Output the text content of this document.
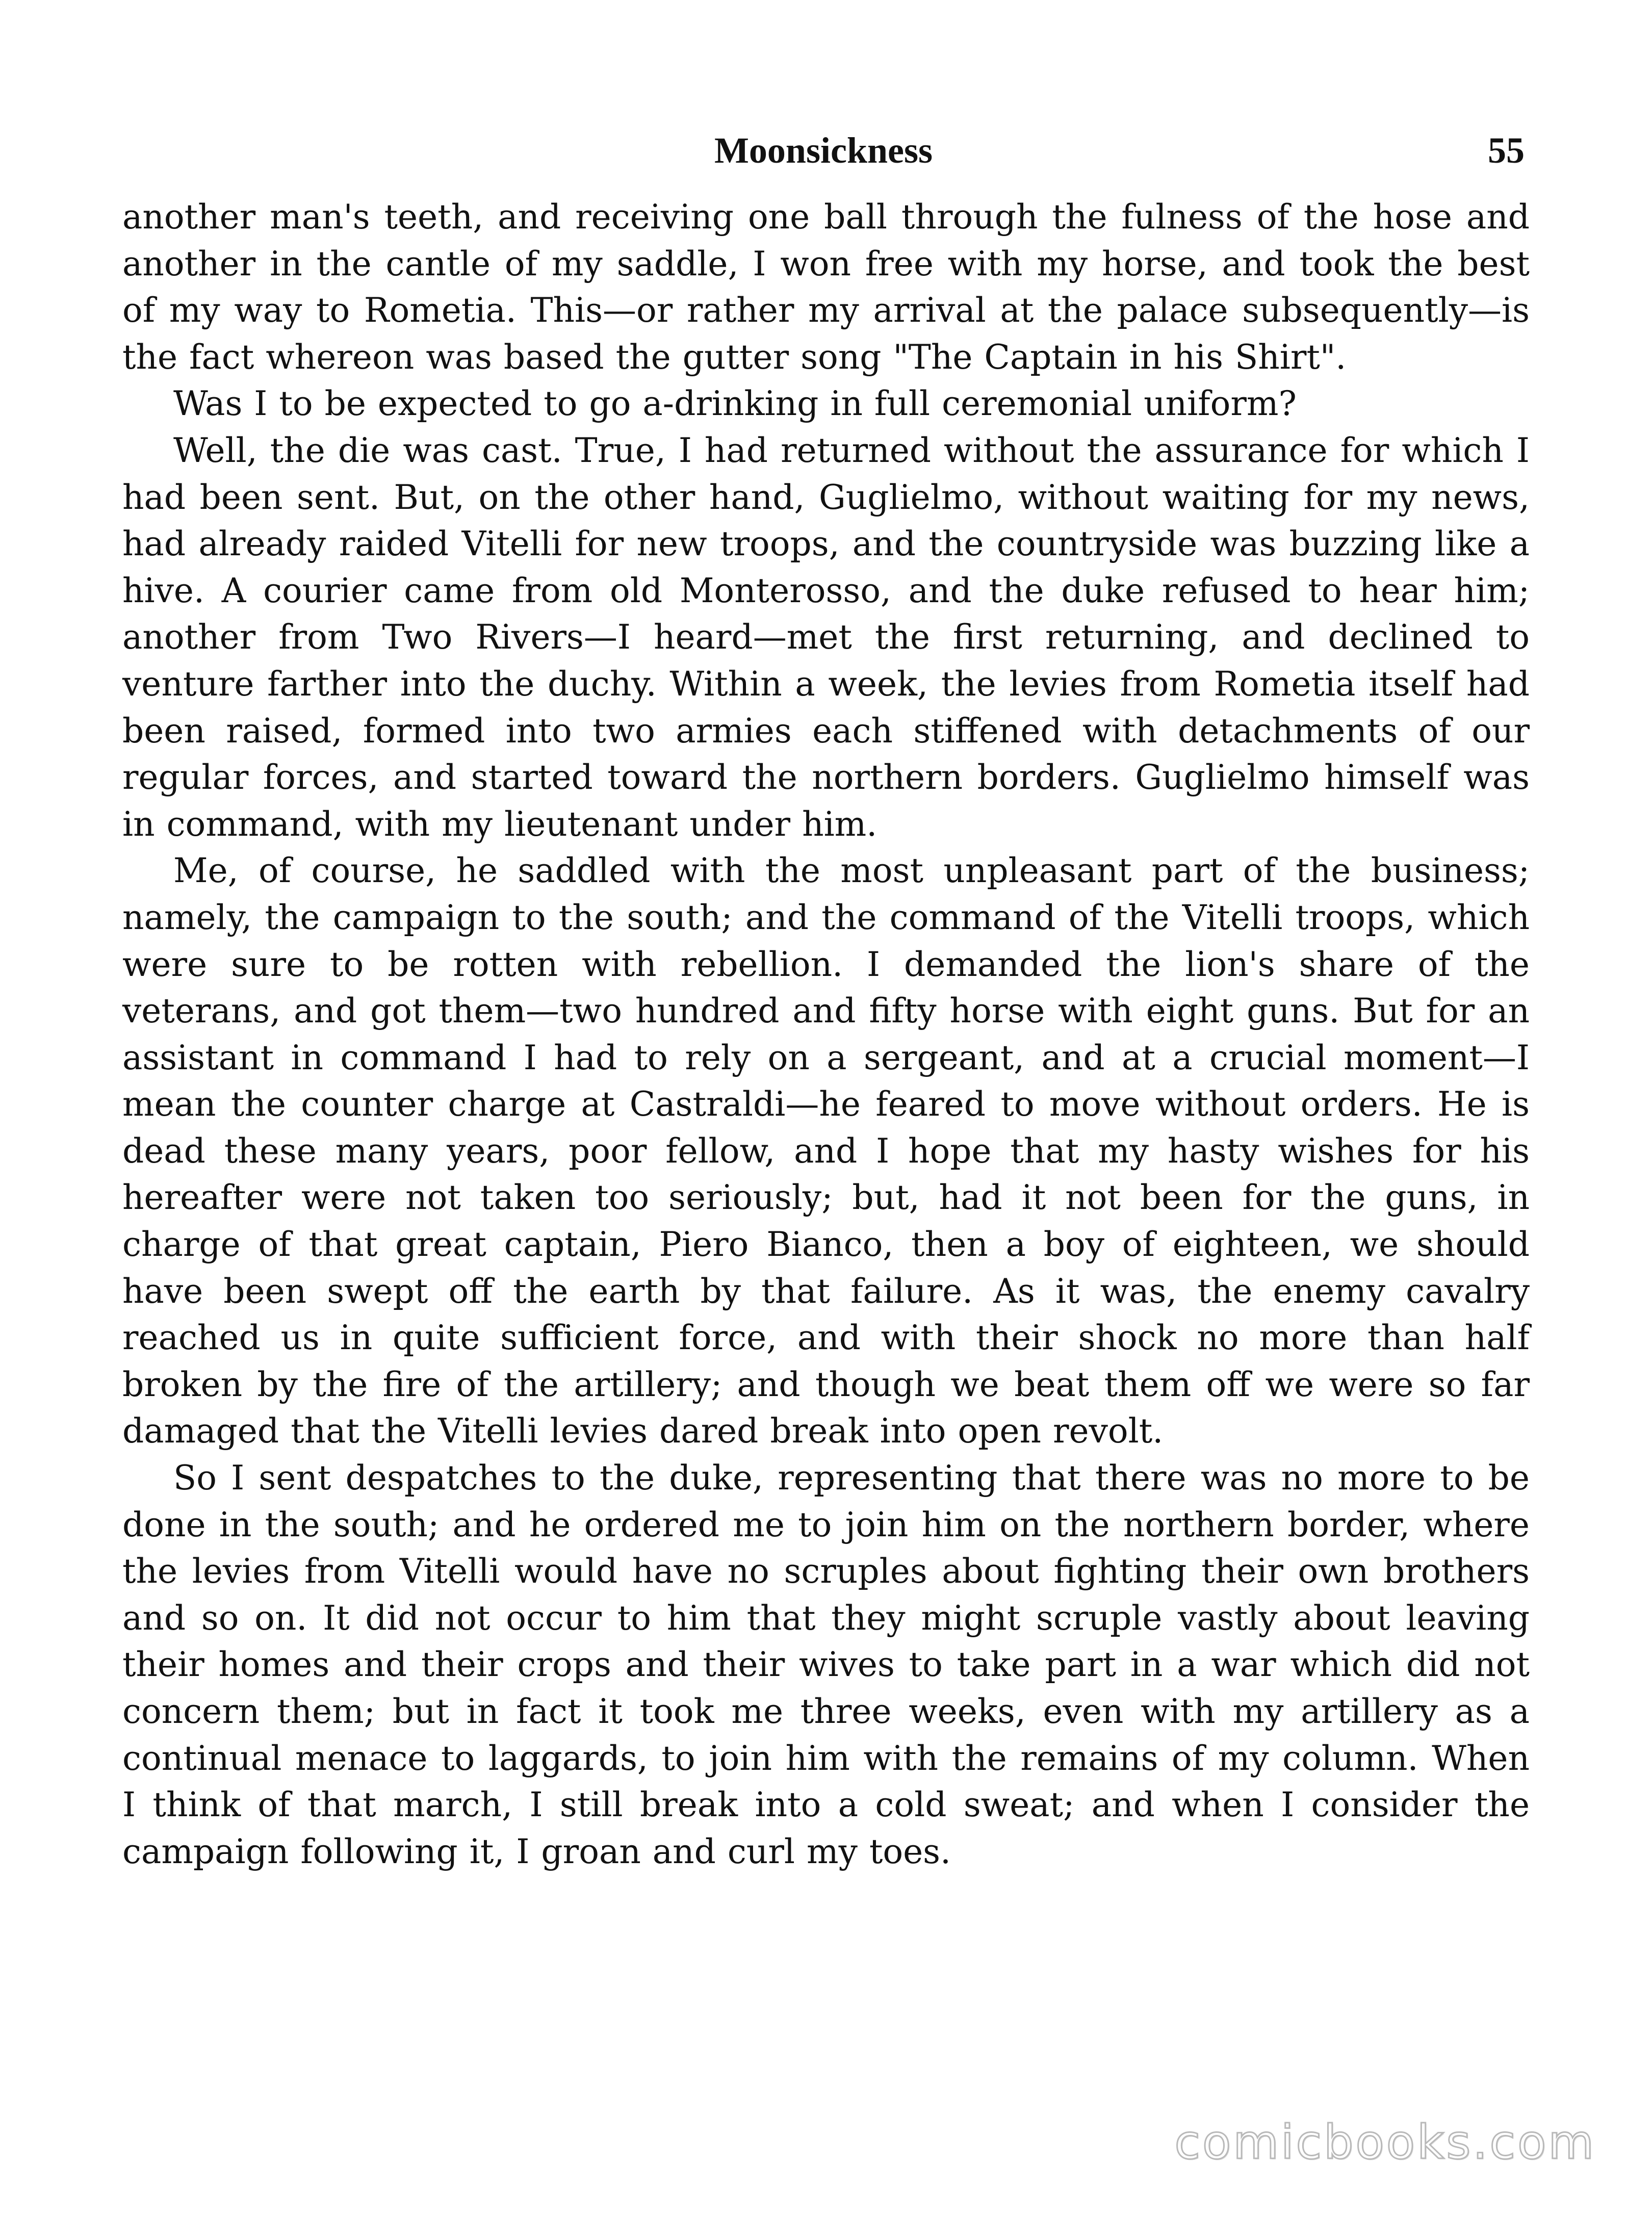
Moonsickness	55

another man's teeth, and receiving one ball through the fulness of the hose and another in the cantle of my saddle, I won free with my horse, and took the best of my way to Rometia. This—or rather my arrival at the palace subsequently—is the fact whereon was based the gutter song "The Captain in his Shirt".

Was I to be expected to go a-drinking in full ceremonial uniform?

Well, the die was cast. True, I had returned without the assurance for which I had been sent. But, on the other hand, Guglielmo, without waiting for my news, had already raided Vitelli for new troops, and the countryside was buzzing like a hive. A courier came from old Monterosso, and the duke refused to hear him; another from Two Rivers—I heard—met the first returning, and declined to venture farther into the duchy. Within a week, the levies from Rometia itself had been raised, formed into two armies each stiffened with detachments of our regular forces, and started toward the northern borders. Guglielmo himself was in command, with my lieutenant under him.

Me, of course, he saddled with the most unpleasant part of the business; namely, the campaign to the south; and the command of the Vitelli troops, which were sure to be rotten with rebellion. I demanded the lion's share of the veterans, and got them—two hundred and fifty horse with eight guns. But for an assistant in command I had to rely on a sergeant, and at a crucial moment—I mean the counter charge at Castraldi—he feared to move without orders. He is dead these many years, poor fellow, and I hope that my hasty wishes for his hereafter were not taken too seriously; but, had it not been for the guns, in charge of that great captain, Piero Bianco, then a boy of eighteen, we should have been swept off the earth by that failure. As it was, the enemy cavalry reached us in quite sufficient force, and with their shock no more than half broken by the fire of the artillery; and though we beat them off we were so far damaged that the Vitelli levies dared break into open revolt.

So I sent despatches to the duke, representing that there was no more to be done in the south; and he ordered me to join him on the northern border, where the levies from Vitelli would have no scruples about fighting their own brothers and so on. It did not occur to him that they might scruple vastly about leaving their homes and their crops and their wives to take part in a war which did not concern them; but in fact it took me three weeks, even with my artillery as a continual menace to laggards, to join him with the remains of my column. When I think of that march, I still break into a cold sweat; and when I consider the campaign following it, I groan and curl my toes.

comicbooks.com
